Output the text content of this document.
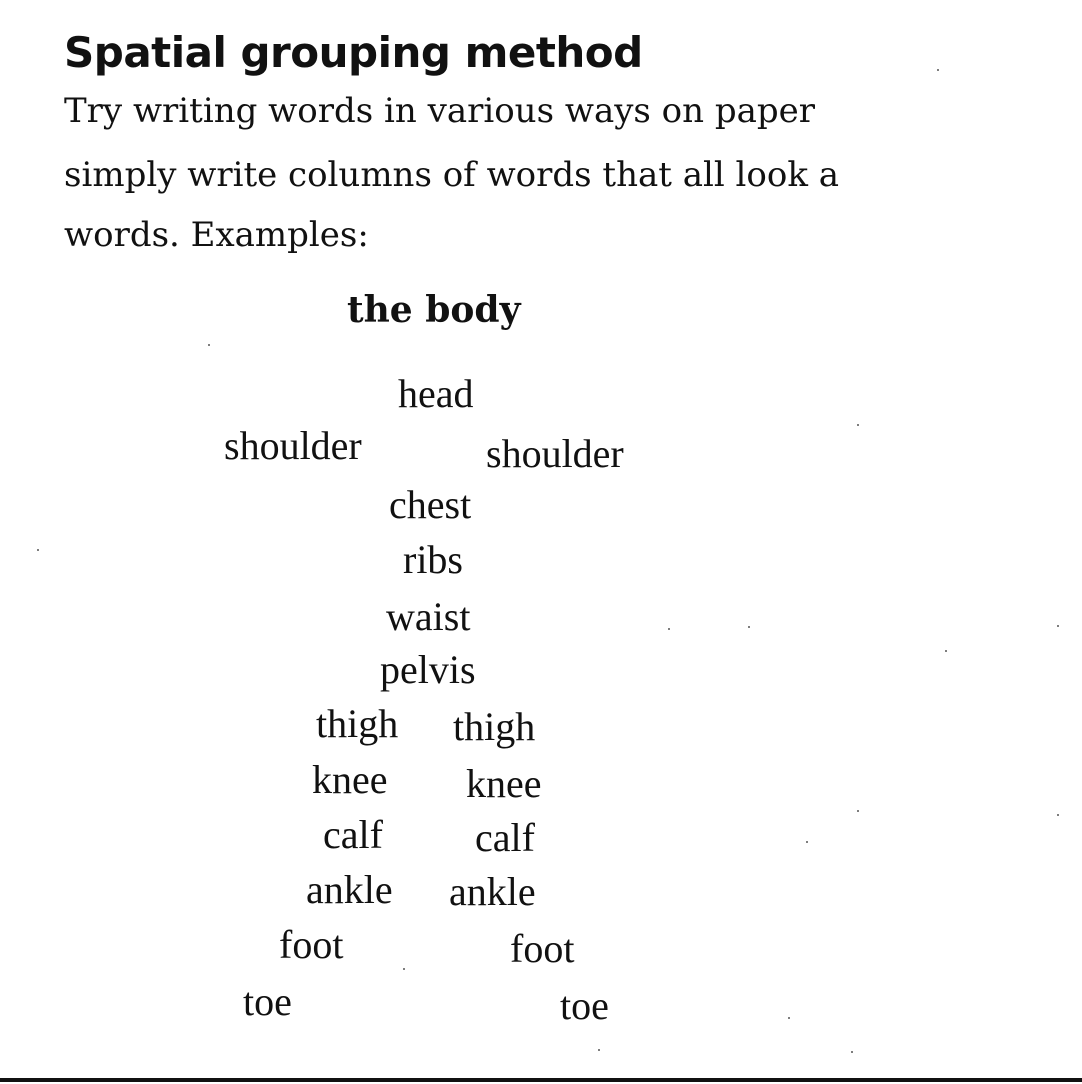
Spatial grouping method

Try writing words in various ways on paper

simply write columns of words that all look a

words. Examples:

the body
head
shoulder	shoulder
chest
ribs
waist
pelvis
thigh thigh
knee knee
calf calf
ankle ankle
foot	foot
toe	toe
